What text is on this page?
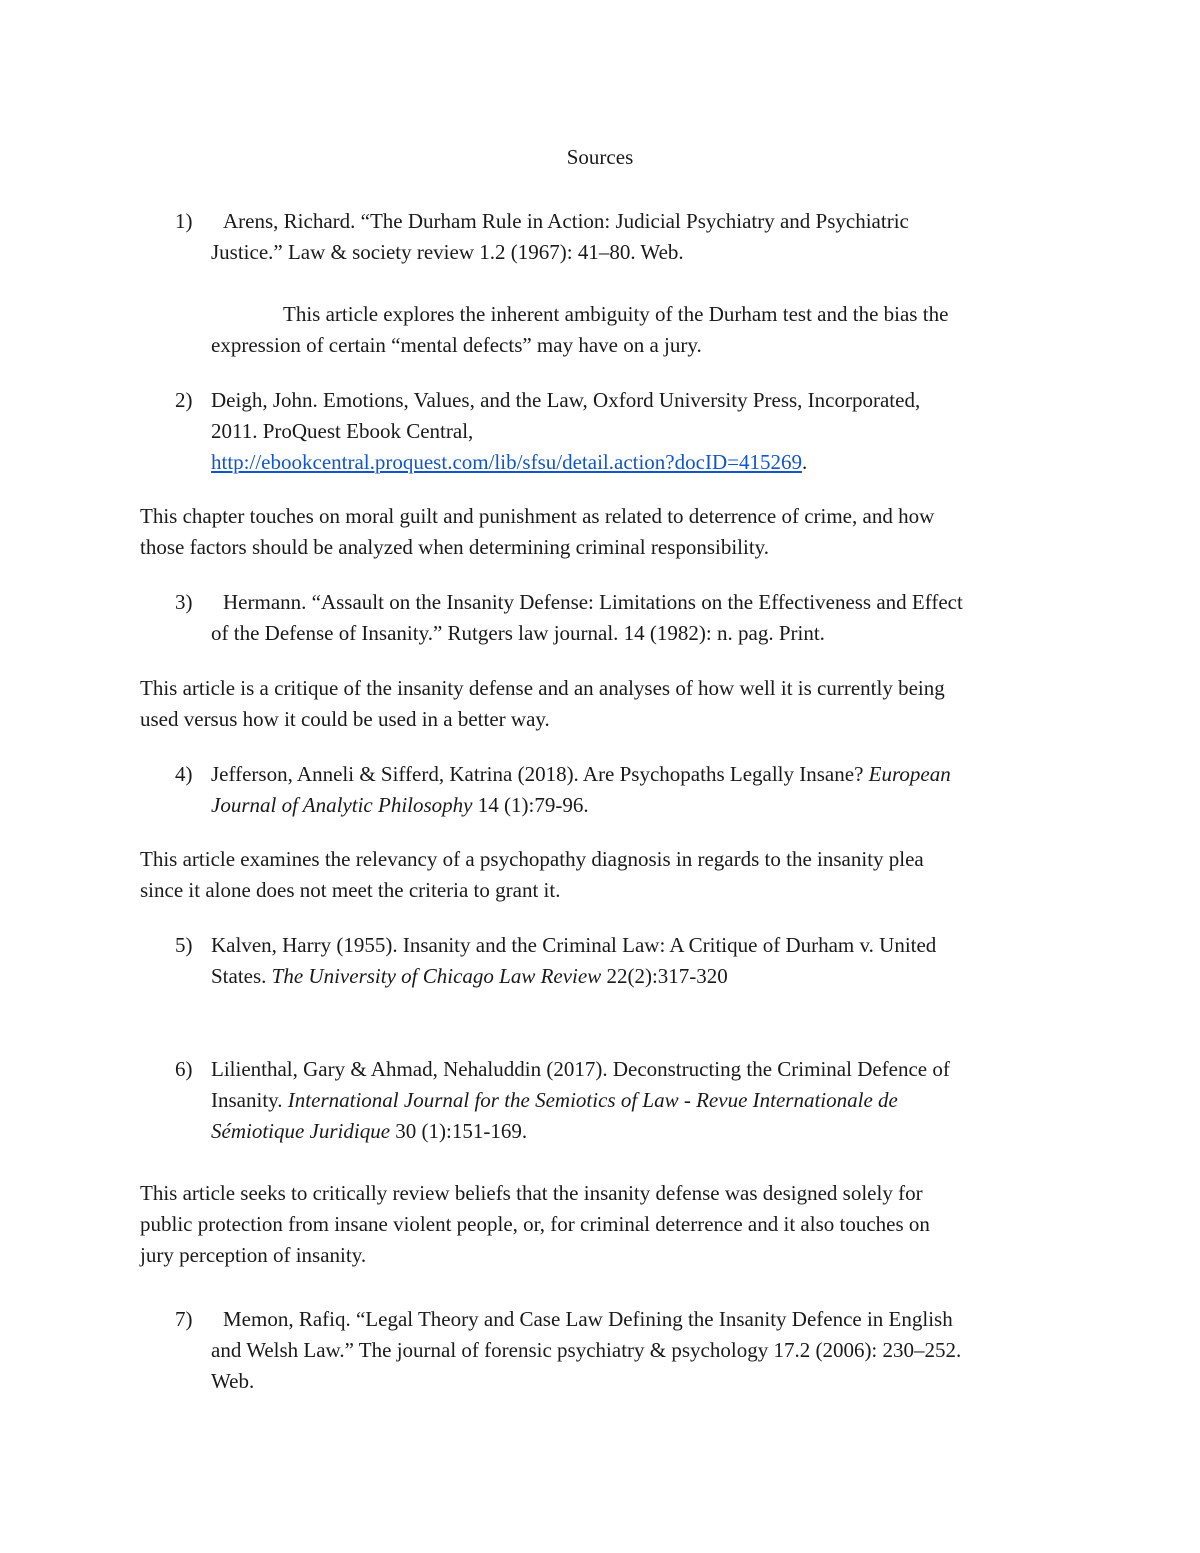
Sources
1) Arens, Richard. “The Durham Rule in Action: Judicial Psychiatry and Psychiatric
Justice.” Law & society review 1.2 (1967): 41–80. Web.
This article explores the inherent ambiguity of the Durham test and the bias the
expression of certain “mental defects” may have on a jury.
2) Deigh, John. Emotions, Values, and the Law, Oxford University Press, Incorporated,
2011. ProQuest Ebook Central,
http://ebookcentral.proquest.com/lib/sfsu/detail.action?docID=415269.
This chapter touches on moral guilt and punishment as related to deterrence of crime, and how
those factors should be analyzed when determining criminal responsibility.
3) Hermann. “Assault on the Insanity Defense: Limitations on the Effectiveness and Effect
of the Defense of Insanity.” Rutgers law journal. 14 (1982): n. pag. Print.
This article is a critique of the insanity defense and an analyses of how well it is currently being
used versus how it could be used in a better way.
4) Jefferson, Anneli & Sifferd, Katrina (2018). Are Psychopaths Legally Insane? European
Journal of Analytic Philosophy 14 (1):79-96.
This article examines the relevancy of a psychopathy diagnosis in regards to the insanity plea
since it alone does not meet the criteria to grant it.
5) Kalven, Harry (1955). Insanity and the Criminal Law: A Critique of Durham v. United
States. The University of Chicago Law Review 22(2):317-320
6) Lilienthal, Gary & Ahmad, Nehaluddin (2017). Deconstructing the Criminal Defence of
Insanity. International Journal for the Semiotics of Law - Revue Internationale de
Sémiotique Juridique 30 (1):151-169.
This article seeks to critically review beliefs that the insanity defense was designed solely for
public protection from insane violent people, or, for criminal deterrence and it also touches on
jury perception of insanity.
7) Memon, Rafiq. “Legal Theory and Case Law Defining the Insanity Defence in English
and Welsh Law.” The journal of forensic psychiatry & psychology 17.2 (2006): 230–252.
Web.
